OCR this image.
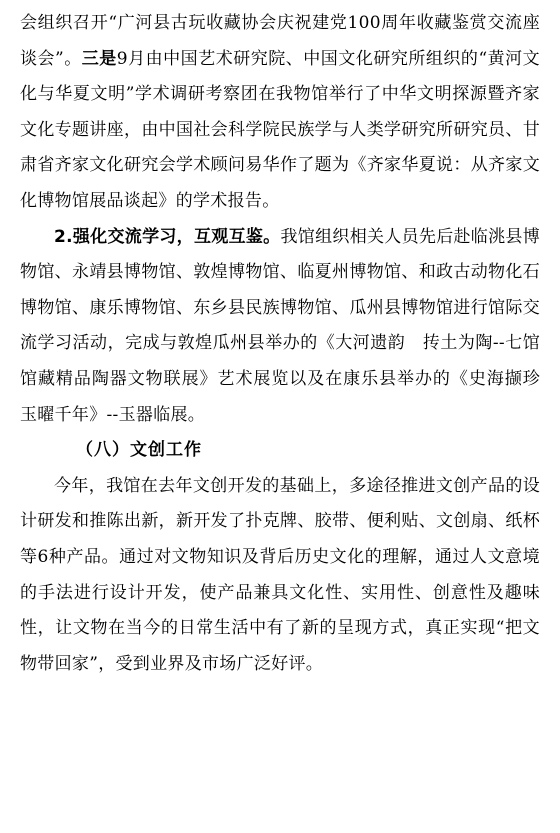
会组织召开“广河县古玩收藏协会庆祝建党100周年收藏鉴赏交流座谈会”。三是9月由中国艺术研究院、中国文化研究所组织的“黄河文化与华夏文明”学术调研考察团在我物馆举行了中华文明探源暨齐家文化专题讲座，由中国社会科学院民族学与人类学研究所研究员、甘肃省齐家文化研究会学术顾问易华作了题为《齐家华夏说：从齐家文化博物馆展品谈起》的学术报告。

2.强化交流学习，互观互鉴。我馆组织相关人员先后赴临洮县博物馆、永靖县博物馆、敦煌博物馆、临夏州博物馆、和政古动物化石博物馆、康乐博物馆、东乡县民族博物馆、瓜州县博物馆进行馆际交流学习活动，完成与敦煌瓜州县举办的《大河遗韵　抟土为陶--七馆馆藏精品陶器文物联展》艺术展览以及在康乐县举办的《史海撷珍　玉曜千年》--玉器临展。

（八）文创工作

今年，我馆在去年文创开发的基础上，多途径推进文创产品的设计研发和推陈出新，新开发了扑克牌、胶带、便利贴、文创扇、纸杯等6种产品。通过对文物知识及背后历史文化的理解，通过人文意境的手法进行设计开发，使产品兼具文化性、实用性、创意性及趣味性，让文物在当今的日常生活中有了新的呈现方式，真正实现“把文物带回家”，受到业界及市场广泛好评。
